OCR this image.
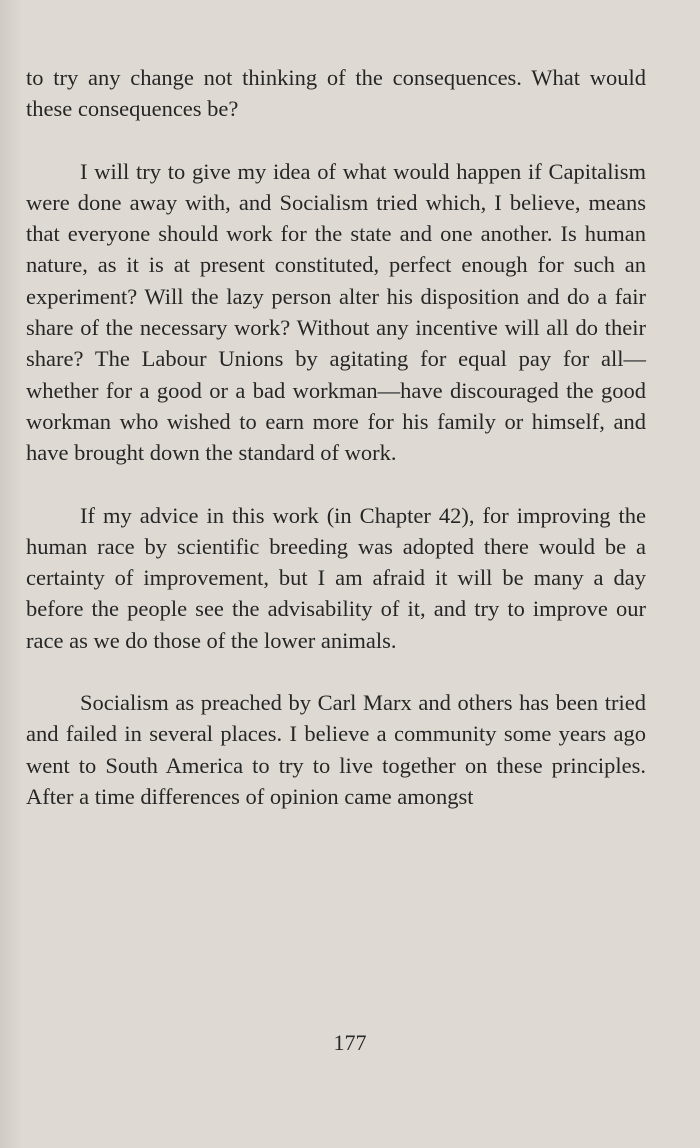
to try any change not thinking of the consequences. What would these consequences be?

I will try to give my idea of what would happen if Capitalism were done away with, and Socialism tried which, I believe, means that everyone should work for the state and one another. Is human nature, as it is at present constituted, perfect enough for such an experiment? Will the lazy person alter his disposition and do a fair share of the necessary work? Without any incentive will all do their share? The Labour Unions by agitating for equal pay for all—whether for a good or a bad workman—have discouraged the good workman who wished to earn more for his family or himself, and have brought down the standard of work.

If my advice in this work (in Chapter 42), for improving the human race by scientific breeding was adopted there would be a certainty of improvement, but I am afraid it will be many a day before the people see the advisability of it, and try to improve our race as we do those of the lower animals.

Socialism as preached by Carl Marx and others has been tried and failed in several places. I believe a community some years ago went to South America to try to live together on these principles. After a time differences of opinion came amongst

177
